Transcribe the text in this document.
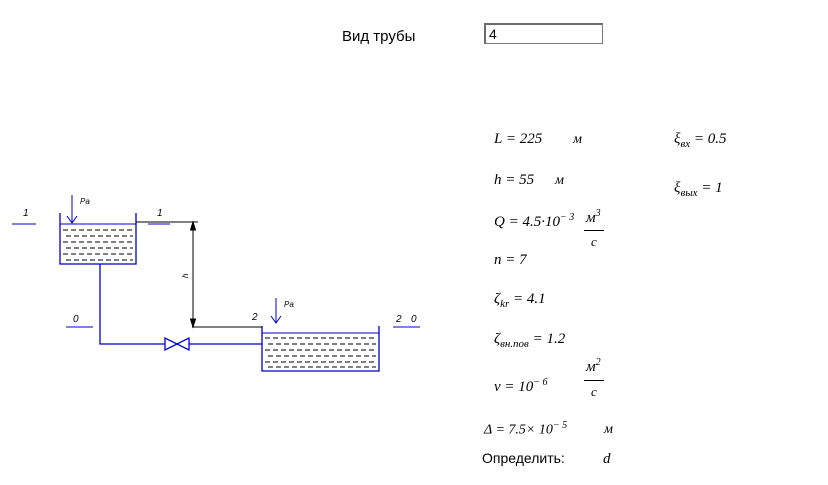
Вид трубы
4
Pa
Pa
1	1
0	2	2 0
h
L = 225 м
h = 55 м
$Q = 4.5\cdot 10^{- 3}$ $м^3$
с
n = 7
$\zeta_{kr} = 4.1$
$\zeta_{вн.пов} = 1.2$
$\nu = 10^{- 6}$
$м^2$
с
$\Delta = 7.5\times 10^{- 5}$	м
$\xi_{вх} = 0.5$
$\xi_{вых} = 1$
Определить:	d
